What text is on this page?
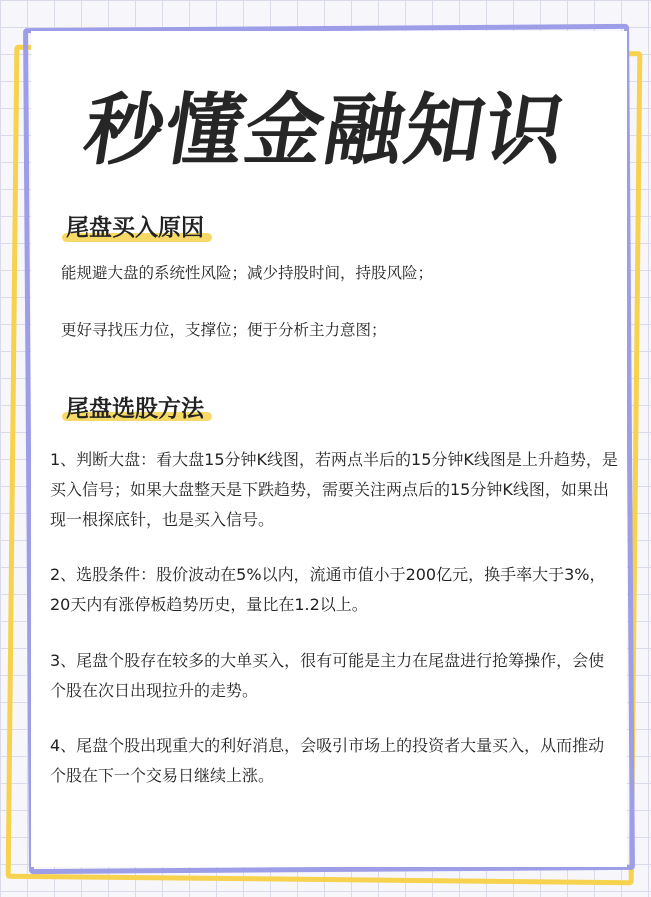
秒懂金融知识
尾盘买入原因

能规避大盘的系统性风险；减少持股时间，持股风险；

更好寻找压力位，支撑位；便于分析主力意图；

尾盘选股方法

1、判断大盘：看大盘15分钟K线图，若两点半后的15分钟K线图是上升趋势，是买入信号；如果大盘整天是下跌趋势，需要关注两点后的15分钟K线图，如果出现一根探底针，也是买入信号。

2、选股条件：股价波动在5%以内，流通市值小于200亿元，换手率大于3%，20天内有涨停板趋势历史，量比在1.2以上。

3、尾盘个股存在较多的大单买入，很有可能是主力在尾盘进行抢筹操作，会使个股在次日出现拉升的走势。

4、尾盘个股出现重大的利好消息，会吸引市场上的投资者大量买入，从而推动个股在下一个交易日继续上涨。
